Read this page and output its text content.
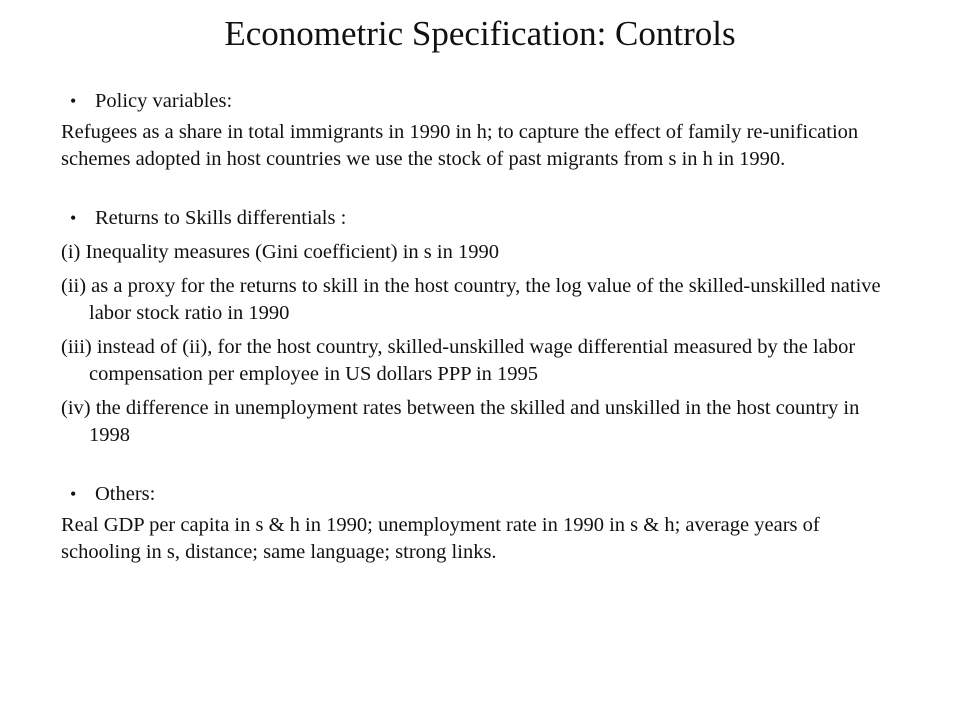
Econometric Specification: Controls

• Policy variables:

Refugees as a share in total immigrants in 1990 in h; to capture the effect of family re-unification schemes adopted in host countries we use the stock of past migrants from s in h in 1990.

• Returns to Skills differentials :

(i) Inequality measures (Gini coefficient) in s in 1990

(ii) as a proxy for the returns to skill in the host country, the log value of the skilled-unskilled native labor stock ratio in 1990

(iii) instead of (ii), for the host country, skilled-unskilled wage differential measured by the labor compensation per employee in US dollars PPP in 1995

(iv) the difference in unemployment rates between the skilled and unskilled in the host country in 1998

• Others:

Real GDP per capita in s & h in 1990; unemployment rate in 1990 in s & h; average years of schooling in s, distance; same language; strong links.
